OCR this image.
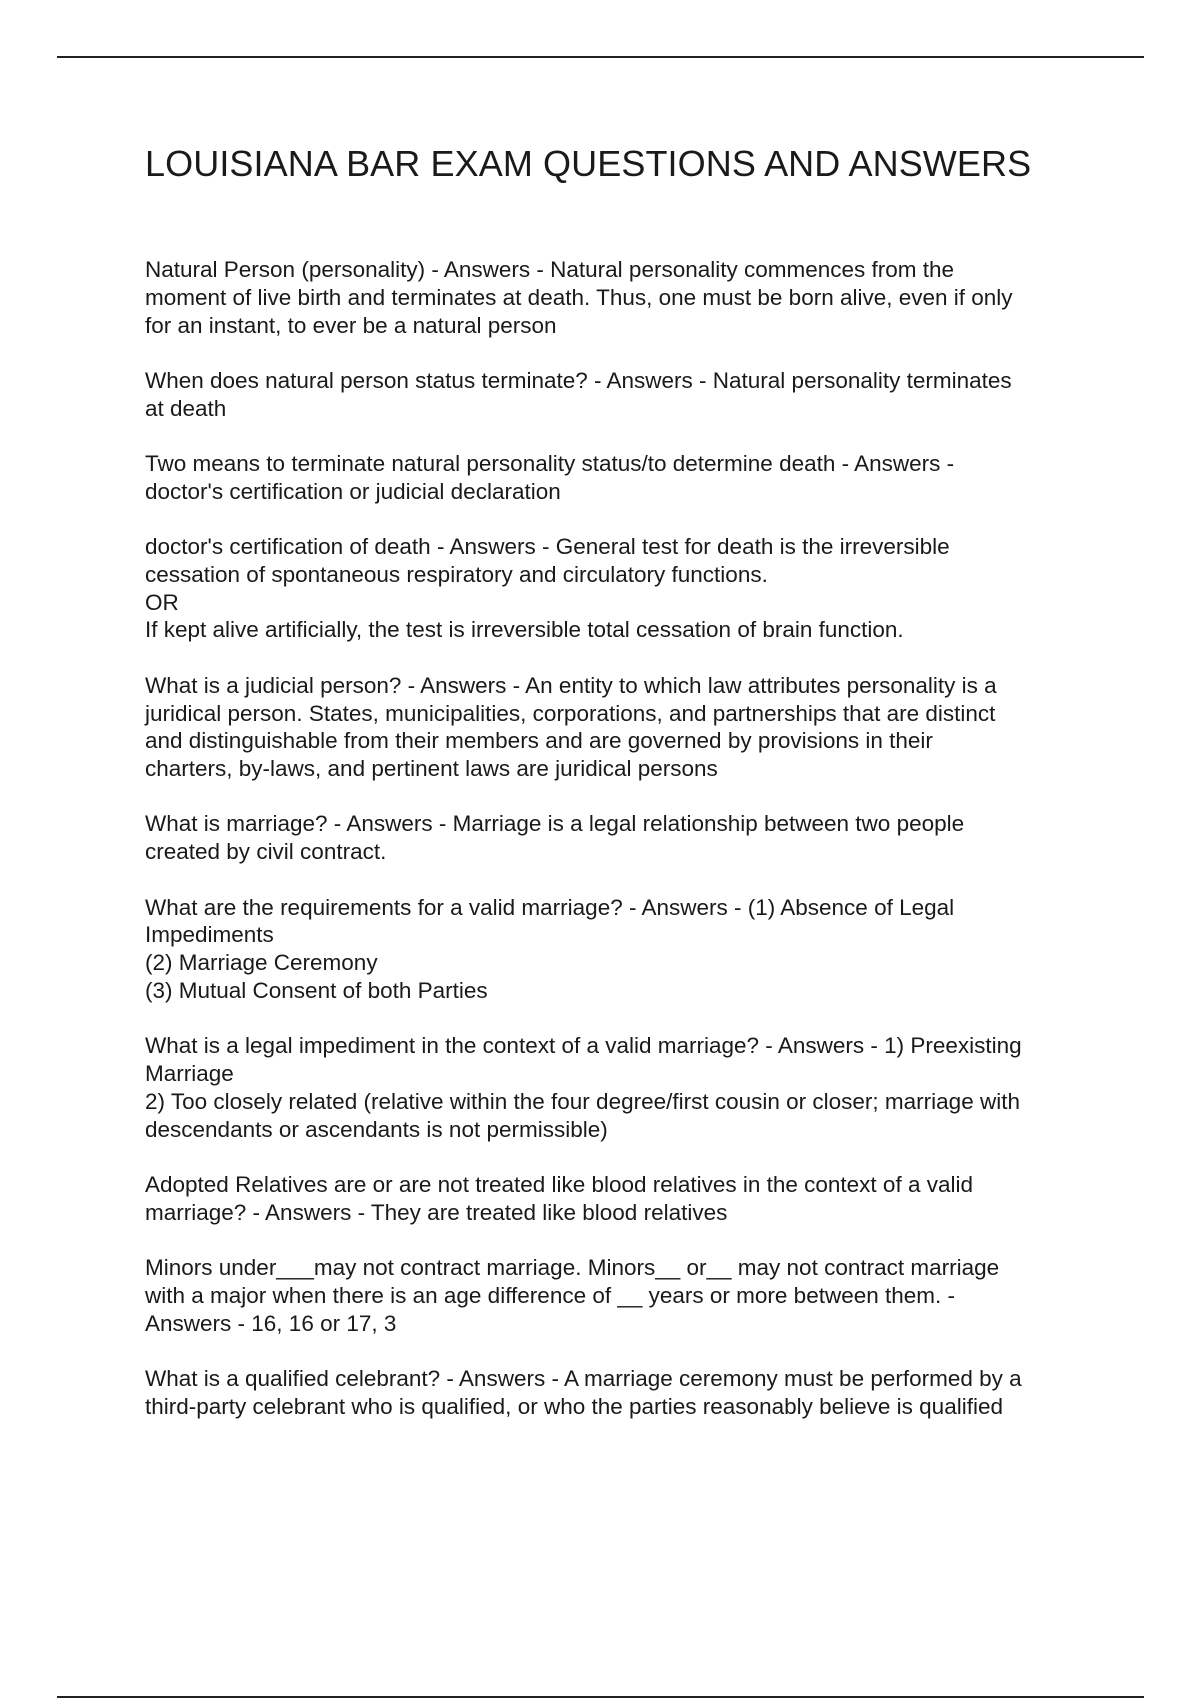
LOUISIANA BAR EXAM QUESTIONS AND ANSWERS

Natural Person (personality) - Answers - Natural personality commences from the
moment of live birth and terminates at death. Thus, one must be born alive, even if only
for an instant, to ever be a natural person

When does natural person status terminate? - Answers - Natural personality terminates
at death

Two means to terminate natural personality status/to determine death - Answers -
doctor's certification or judicial declaration

doctor's certification of death - Answers - General test for death is the irreversible
cessation of spontaneous respiratory and circulatory functions.
OR
If kept alive artificially, the test is irreversible total cessation of brain function.

What is a judicial person? - Answers - An entity to which law attributes personality is a
juridical person. States, municipalities, corporations, and partnerships that are distinct
and distinguishable from their members and are governed by provisions in their
charters, by-laws, and pertinent laws are juridical persons

What is marriage? - Answers - Marriage is a legal relationship between two people
created by civil contract.

What are the requirements for a valid marriage? - Answers - (1) Absence of Legal
Impediments
(2) Marriage Ceremony
(3) Mutual Consent of both Parties

What is a legal impediment in the context of a valid marriage? - Answers - 1) Preexisting
Marriage
2) Too closely related (relative within the four degree/first cousin or closer; marriage with
descendants or ascendants is not permissible)

Adopted Relatives are or are not treated like blood relatives in the context of a valid
marriage? - Answers - They are treated like blood relatives

Minors under___may not contract marriage. Minors__ or__ may not contract marriage
with a major when there is an age difference of __ years or more between them. -
Answers - 16, 16 or 17, 3

What is a qualified celebrant? - Answers - A marriage ceremony must be performed by a
third-party celebrant who is qualified, or who the parties reasonably believe is qualified
